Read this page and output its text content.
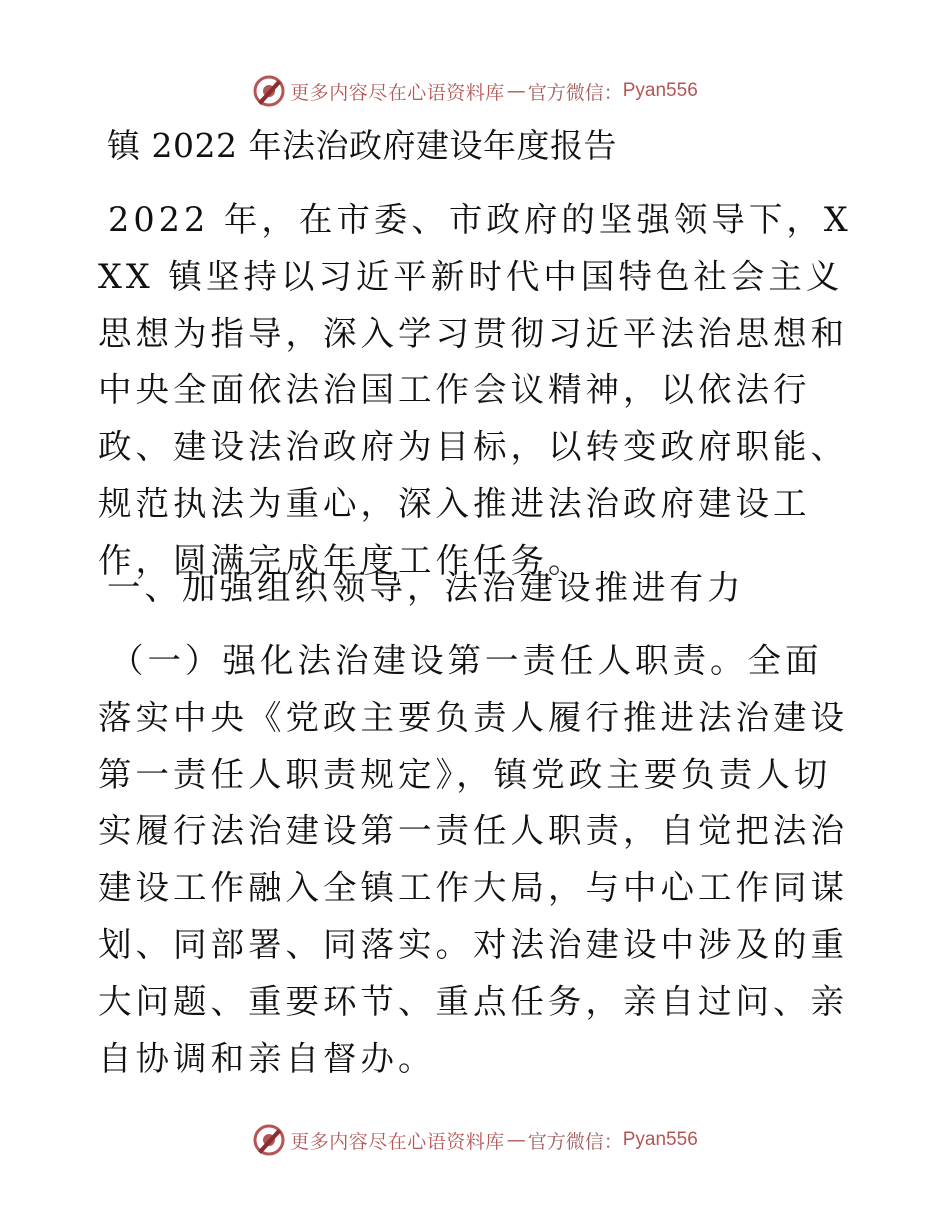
更多内容尽在心语资料库 — 官方微信： Pyan556
镇 2022 年法治政府建设年度报告

2022 年，在市委、市政府的坚强领导下，XXX 镇坚持以习近平新时代中国特色社会主义思想为指导，深入学习贯彻习近平法治思想和中央全面依法治国工作会议精神，以依法行政、建设法治政府为目标，以转变政府职能、规范执法为重心，深入推进法治政府建设工作，圆满完成年度工作任务。

一、加强组织领导，法治建设推进有力

（一）强化法治建设第一责任人职责。全面落实中央《党政主要负责人履行推进法治建设第一责任人职责规定》，镇党政主要负责人切实履行法治建设第一责任人职责，自觉把法治建设工作融入全镇工作大局，与中心工作同谋划、同部署、同落实。对法治建设中涉及的重大问题、重要环节、重点任务，亲自过问、亲自协调和亲自督办。

更多内容尽在心语资料库 — 官方微信： Pyan556
